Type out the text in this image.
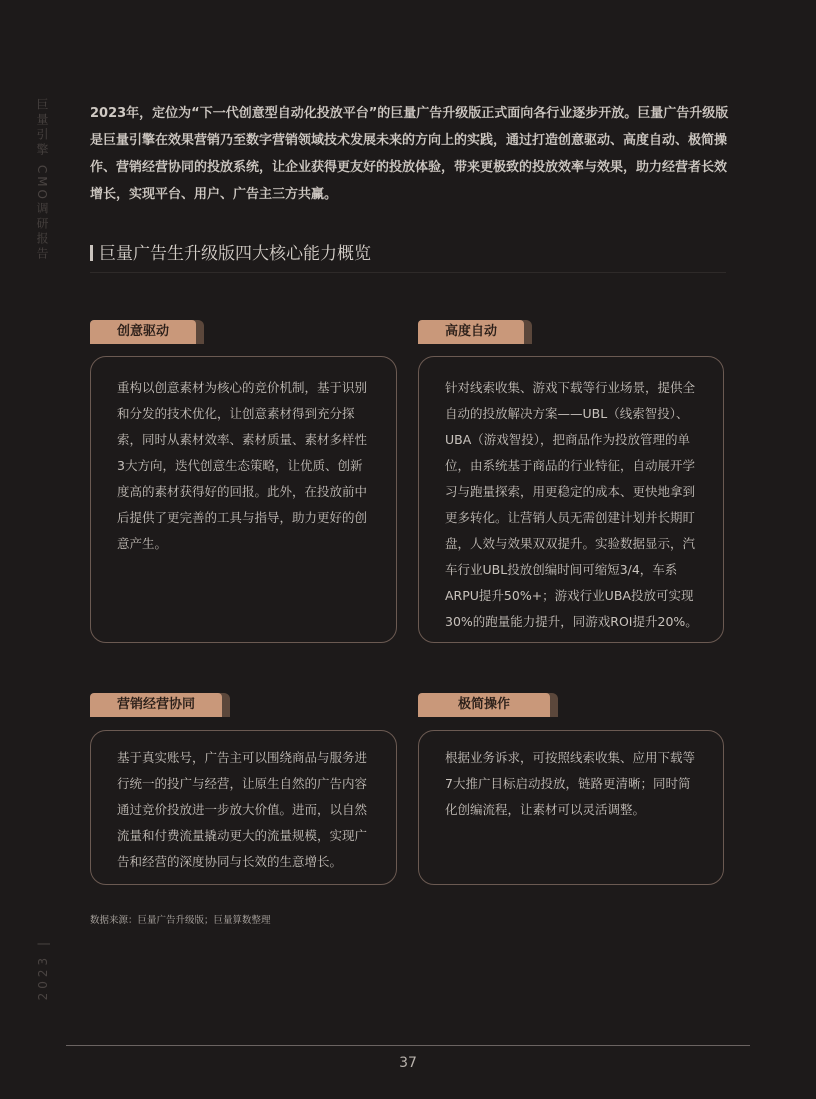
巨量引擎 CMO调研报告
2023 |
2023年，定位为“下一代创意型自动化投放平台”的巨量广告升级版正式面向各行业逐步开放。巨量广告升级版是巨量引擎在效果营销乃至数字营销领域技术发展未来的方向上的实践，通过打造创意驱动、高度自动、极简操作、营销经营协同的投放系统，让企业获得更友好的投放体验，带来更极致的投放效率与效果，助力经营者长效增长，实现平台、用户、广告主三方共赢。
巨量广告生升级版四大核心能力概览
创意驱动
重构以创意素材为核心的竞价机制，基于识别和分发的技术优化，让创意素材得到充分探索，同时从素材效率、素材质量、素材多样性3大方向，迭代创意生态策略，让优质、创新度高的素材获得好的回报。此外，在投放前中后提供了更完善的工具与指导，助力更好的创意产生。
高度自动
针对线索收集、游戏下载等行业场景，提供全自动的投放解决方案——UBL（线索智投）、UBA（游戏智投），把商品作为投放管理的单位，由系统基于商品的行业特征，自动展开学习与跑量探索，用更稳定的成本、更快地拿到更多转化。让营销人员无需创建计划并长期盯盘，人效与效果双双提升。实验数据显示，汽车行业UBL投放创编时间可缩短3/4，车系ARPU提升50%+；游戏行业UBA投放可实现30%的跑量能力提升，同游戏ROI提升20%。
营销经营协同
基于真实账号，广告主可以围绕商品与服务进行统一的投广与经营，让原生自然的广告内容通过竞价投放进一步放大价值。进而，以自然流量和付费流量撬动更大的流量规模，实现广告和经营的深度协同与长效的生意增长。
极简操作
根据业务诉求，可按照线索收集、应用下载等7大推广目标启动投放，链路更清晰；同时简化创编流程，让素材可以灵活调整。
数据来源：巨量广告升级版；巨量算数整理
37
